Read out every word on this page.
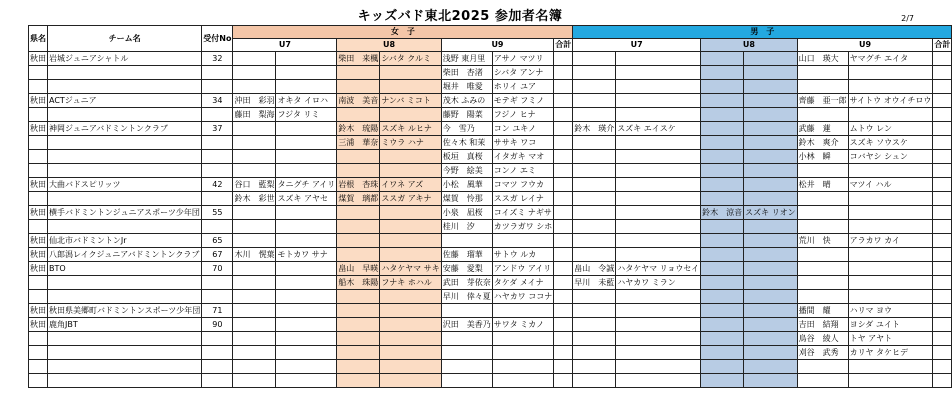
キッズバド東北2025 参加者名簿	2/7
県名	チーム名	受付No	女　子							男　子						
			U7		U8		U9		合計	U7		U8		U9		合計
秋田	岩城ジュニアシャトル	32			柴田　来楓	シバタ クルミ	浅野 東月里	アサノ マツリ						山口　瑛大	ヤマグチ エイタ	
							柴田　杏渚	シバタ アンナ								
							堀井　唯愛	ホリイ ユア								
秋田	ACTジュニア	34	沖田　彩羽	オキタ イロハ	南波　美音	ナンバ ミコト	茂木 ふみの	モテギ フミノ						齊藤　亜一郎	サイトウ オウイチロウ	
			藤田　梨海	フジタ リミ			藤野　陽菜	フジノ ヒナ								
秋田	神岡ジュニアバドミントンクラブ	37			鈴木　琉陽	スズキ ルヒナ	今　雪乃	コン ユキノ		鈴木　瑛介	スズキ エイスケ			武藤　蓮	ムトウ レン	
					三浦　華奈	ミウラ ハナ	佐々木 和茉	ササキ ワコ						鈴木　爽介	スズキ ソウスケ	
							板垣　真桜	イタガキ マオ						小林　瞬	コバヤシ シュン	
							今野　絵美	コンノ エミ								
秋田	大曲バドスピリッツ	42	谷口　藍梨	タニグチ アイリ	岩根　杏珠	イワネ アズ	小松　風華	コマツ フウカ						松井　晴	マツイ ハル	
			鈴木　彩世	スズキ アヤセ	煤賀　璃都	ススガ アキナ	煤賀　怜那	ススガ レイナ								
秋田	横手バドミントンジュニアスポーツ少年団	55					小泉　凪桜	コイズミ ナギサ				鈴木　涼音	スズキ リオン			
							桂川　汐	カツラガワ シホ								
秋田	仙北市バドミントンJr	65												荒川　快	アラカワ カイ	
秋田	八郎潟レイクジュニアバドミントンクラブ	67	木川　愰葉	モトカワ サナ			佐藤　瑠華	サトウ ルカ								
秋田	BTO	70			畠山　早暎	ハタケヤマ サキ	安藤　愛梨	アンドウ アイリ		畠山　令誠	ハタケヤマ リョウセイ					
					船木　珠陽	フナキ ホハル	武田　芽依奈	タケダ メイナ		早川　未藍	ハヤカワ ミラン					
							早川　倖々夏	ハヤカワ ココナ								
秋田	秋田県美郷町バドミントンスポーツ少年団	71												播間　耀	ハリマ ヨウ	
秋田	鹿角JBT	90					沢田　美香乃	サワタ ミカノ						吉田　結翔	ヨシダ ユイト	
														鳥谷　綾人	トヤ アヤト	
														刈谷　武秀	カリヤ タケヒデ	
